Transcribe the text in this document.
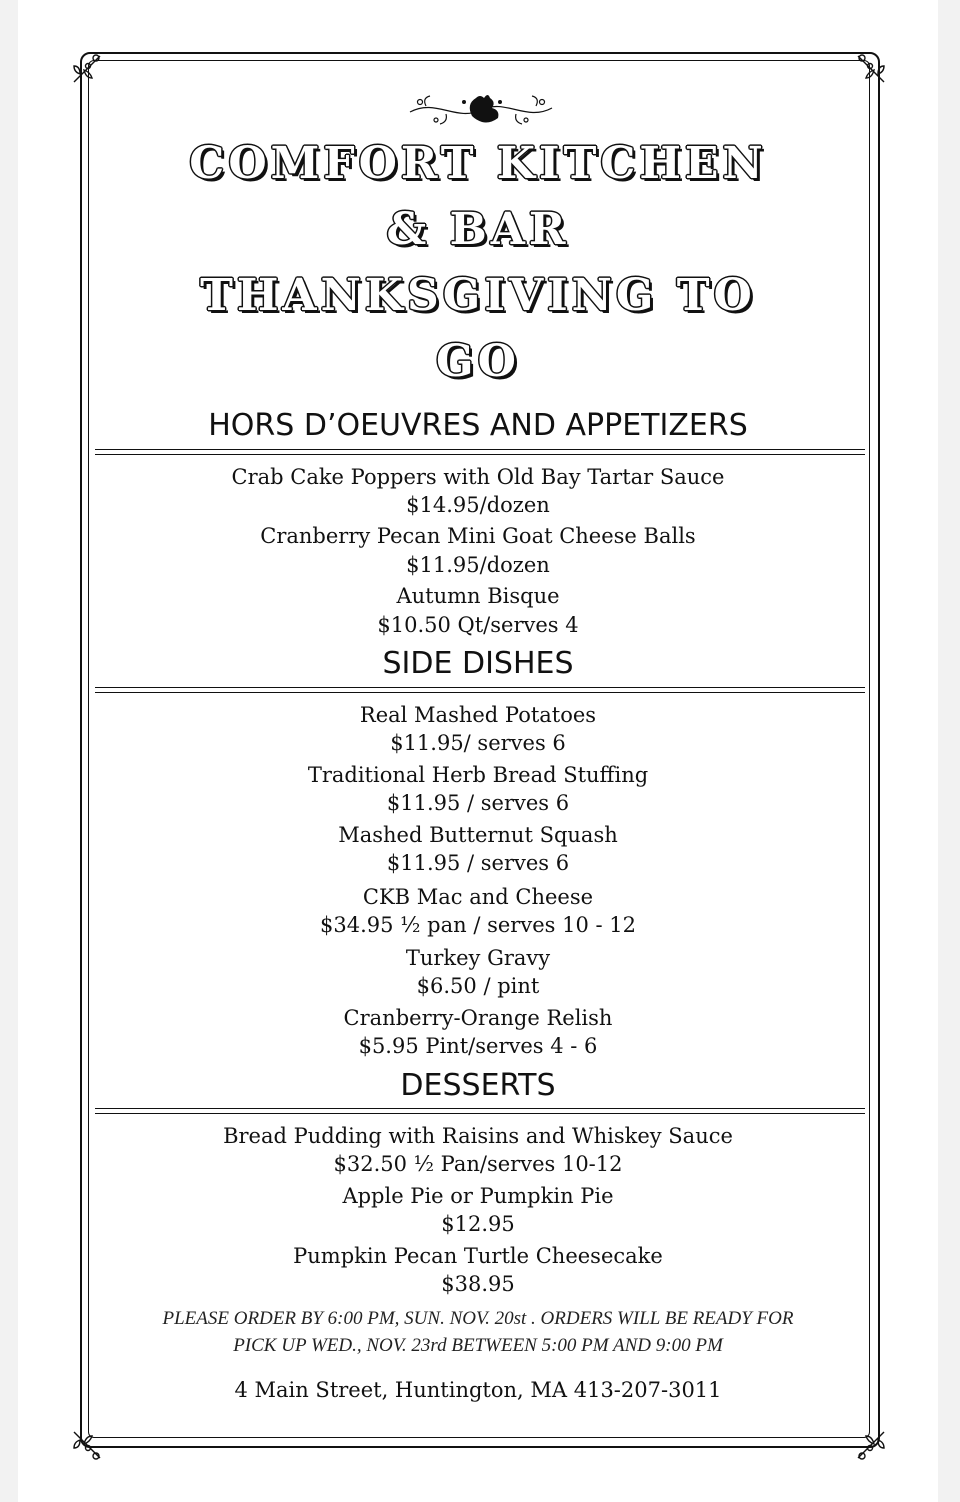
COMFORT KITCHEN
& BAR
THANKSGIVING TO
GO
HORS D’OEUVRES AND APPETIZERS
Crab Cake Poppers with Old Bay Tartar Sauce
$14.95/dozen
Cranberry Pecan Mini Goat Cheese Balls
$11.95/dozen
Autumn Bisque
$10.50 Qt/serves 4
SIDE DISHES
Real Mashed Potatoes
$11.95/ serves 6
Traditional Herb Bread Stuffing
$11.95 / serves 6
Mashed Butternut Squash
$11.95 / serves 6
CKB Mac and Cheese
$34.95 ½ pan / serves 10 - 12
Turkey Gravy
$6.50 / pint
Cranberry-Orange Relish
$5.95 Pint/serves 4 - 6
DESSERTS
Bread Pudding with Raisins and Whiskey Sauce
$32.50 ½ Pan/serves 10-12
Apple Pie or Pumpkin Pie
$12.95
Pumpkin Pecan Turtle Cheesecake
$38.95
PLEASE ORDER BY 6:00 PM, SUN. NOV. 20st . ORDERS WILL BE READY FOR
PICK UP WED., NOV. 23rd BETWEEN 5:00 PM AND 9:00 PM
4 Main Street, Huntington, MA 413-207-3011
